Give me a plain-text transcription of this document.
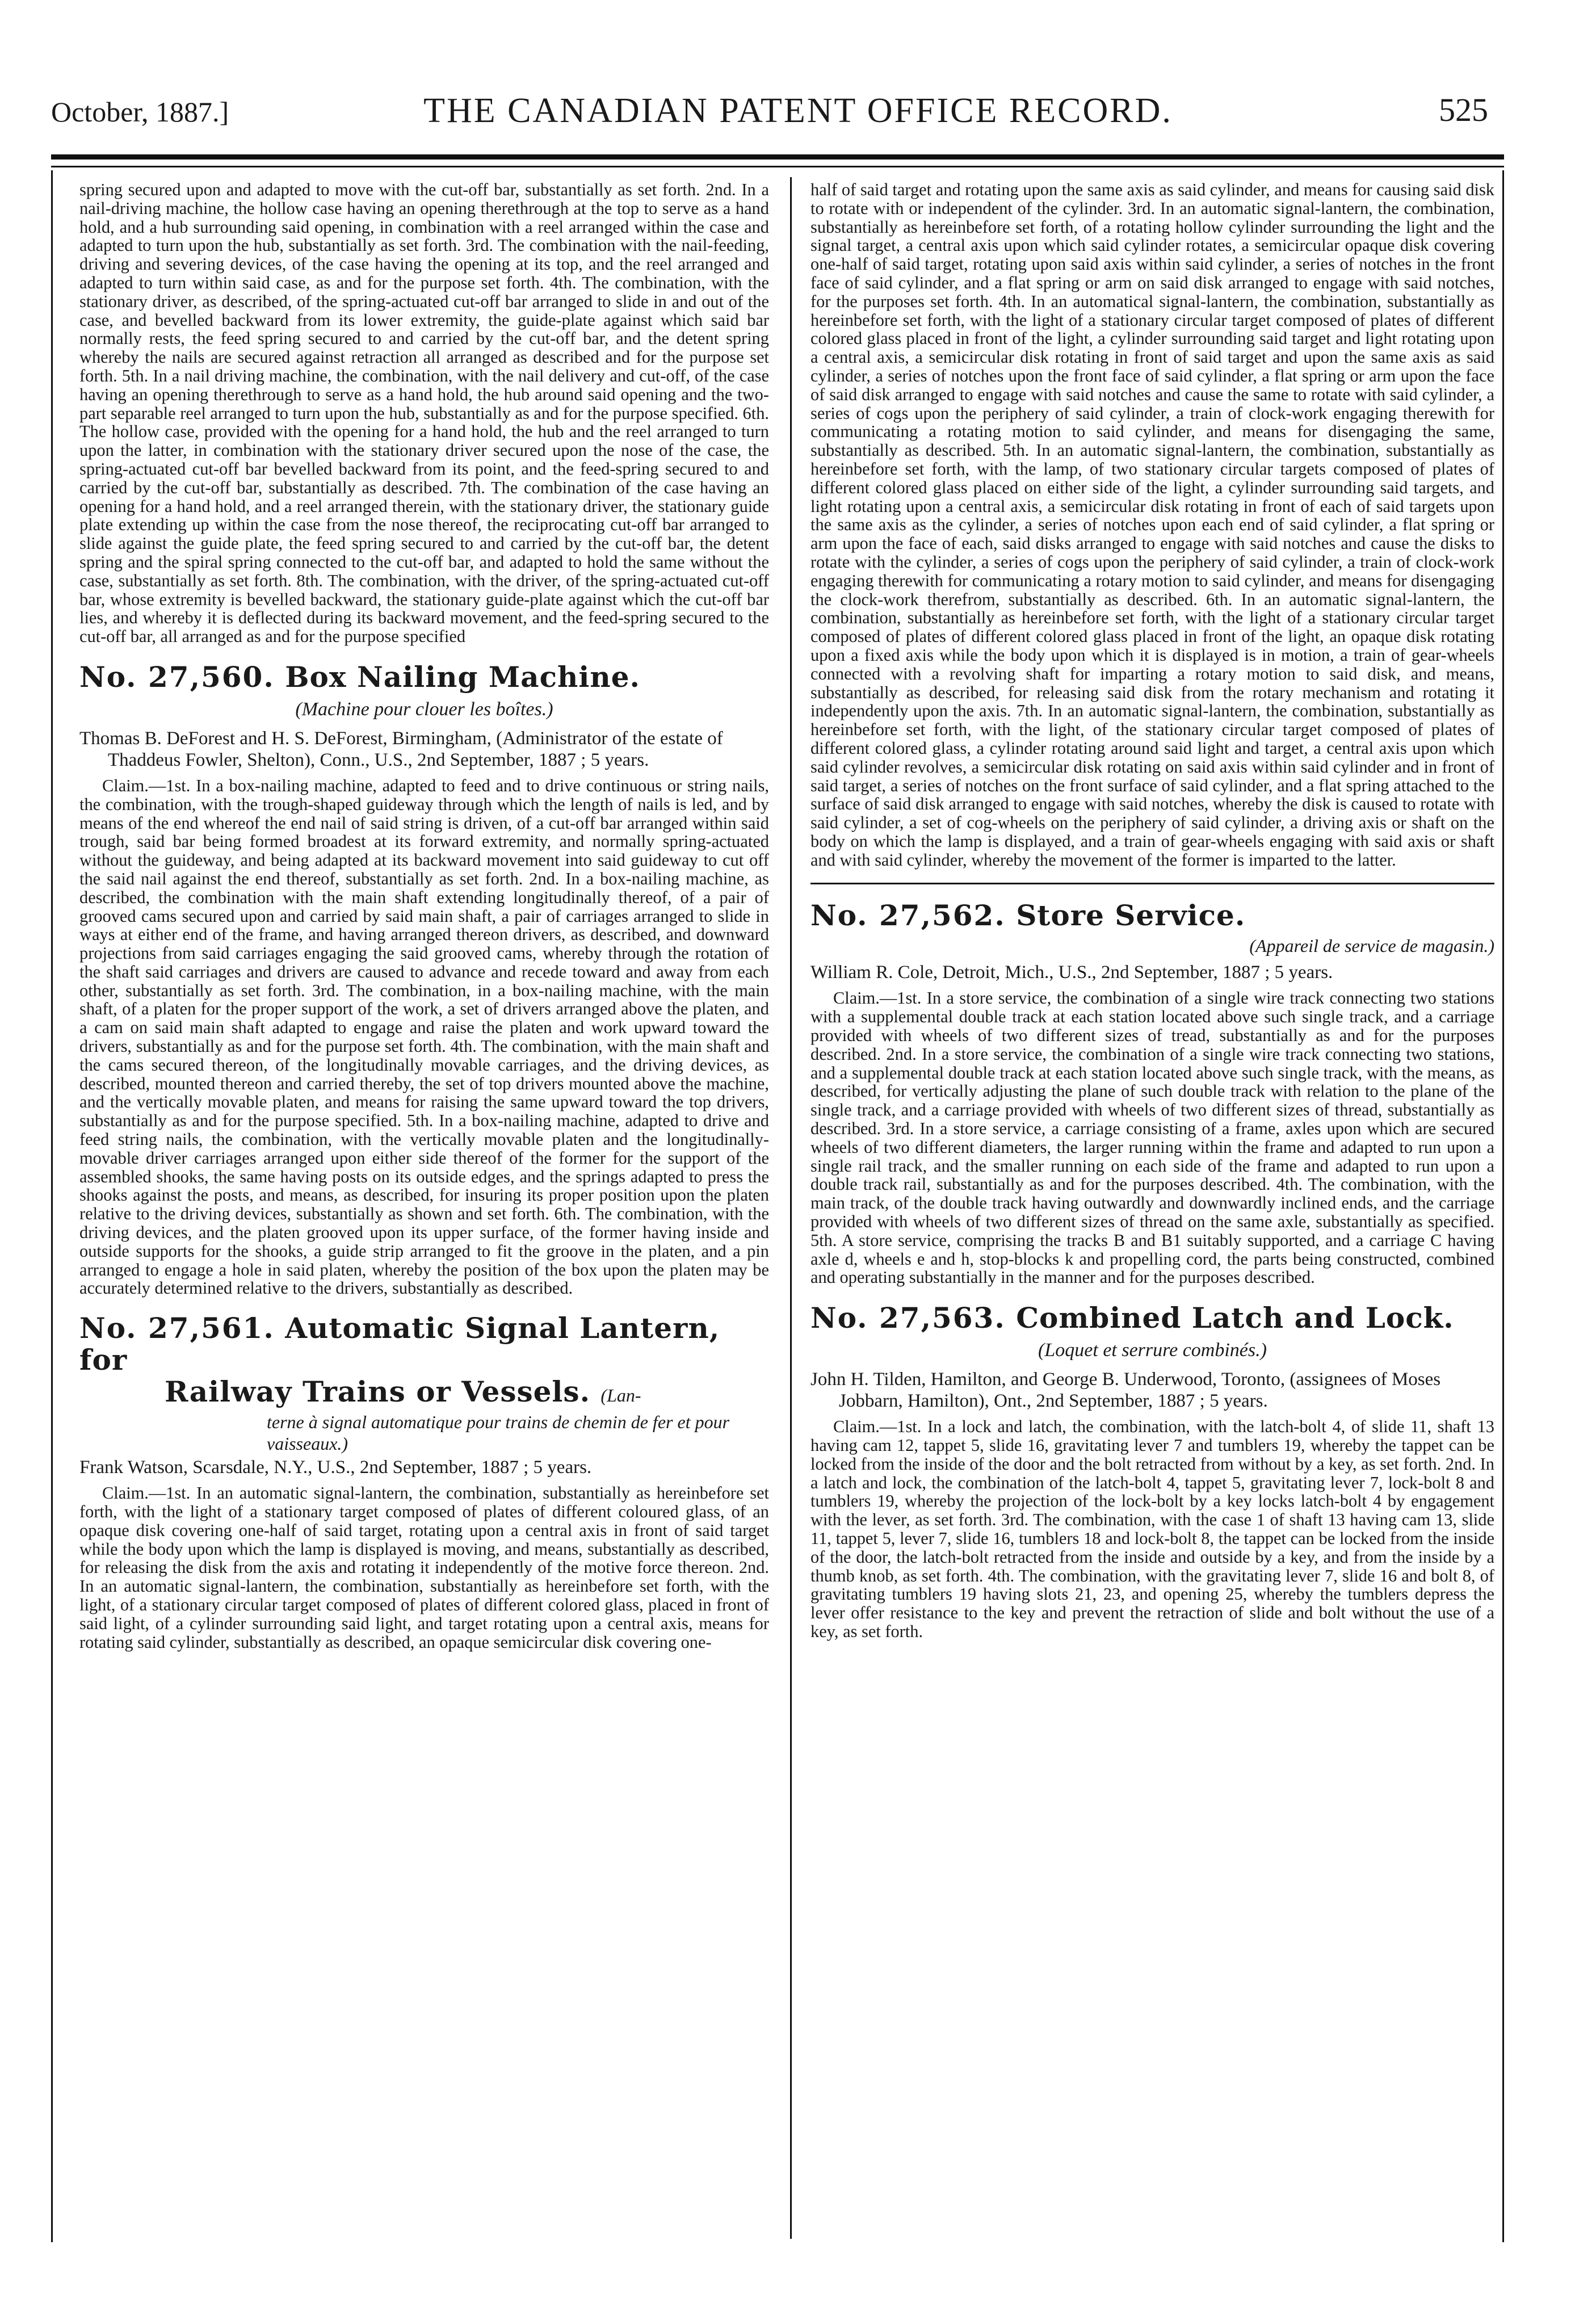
October, 1887.]	THE CANADIAN PATENT OFFICE RECORD.	525

spring secured upon and adapted to move with the cut-off bar, substantially as set forth. 2nd. In a nail-driving machine, the hollow case having an opening therethrough at the top to serve as a hand hold, and a hub surrounding said opening, in combination with a reel arranged within the case and adapted to turn upon the hub, substantially as set forth. 3rd. The combination with the nail-feeding, driving and severing devices, of the case having the opening at its top, and the reel arranged and adapted to turn within said case, as and for the purpose set forth. 4th. The combination, with the stationary driver, as described, of the spring-actuated cut-off bar arranged to slide in and out of the case, and bevelled backward from its lower extremity, the guide-plate against which said bar normally rests, the feed spring secured to and carried by the cut-off bar, and the detent spring whereby the nails are secured against retraction all arranged as described and for the purpose set forth. 5th. In a nail driving machine, the combination, with the nail delivery and cut-off, of the case having an opening therethrough to serve as a hand hold, the hub around said opening and the two-part separable reel arranged to turn upon the hub, substantially as and for the purpose specified. 6th. The hollow case, provided with the opening for a hand hold, the hub and the reel arranged to turn upon the latter, in combination with the stationary driver secured upon the nose of the case, the spring-actuated cut-off bar bevelled backward from its point, and the feed-spring secured to and carried by the cut-off bar, substantially as described. 7th. The combination of the case having an opening for a hand hold, and a reel arranged therein, with the stationary driver, the stationary guide plate extending up within the case from the nose thereof, the reciprocating cut-off bar arranged to slide against the guide plate, the feed spring secured to and carried by the cut-off bar, the detent spring and the spiral spring connected to the cut-off bar, and adapted to hold the same without the case, substantially as set forth. 8th. The combination, with the driver, of the spring-actuated cut-off bar, whose extremity is bevelled backward, the stationary guide-plate against which the cut-off bar lies, and whereby it is deflected during its backward movement, and the feed-spring secured to the cut-off bar, all arranged as and for the purpose specified

No. 27,560. Box Nailing Machine.

(Machine pour clouer les boîtes.)

Thomas B. DeForest and H. S. DeForest, Birmingham, (Administrator of the estate of Thaddeus Fowler, Shelton), Conn., U.S., 2nd September, 1887 ; 5 years.

Claim.—1st. In a box-nailing machine, adapted to feed and to drive continuous or string nails, the combination, with the trough-shaped guideway through which the length of nails is led, and by means of the end whereof the end nail of said string is driven, of a cut-off bar arranged within said trough, said bar being formed broadest at its forward extremity, and normally spring-actuated without the guideway, and being adapted at its backward movement into said guideway to cut off the said nail against the end thereof, substantially as set forth. 2nd. In a box-nailing machine, as described, the combination with the main shaft extending longitudinally thereof, of a pair of grooved cams secured upon and carried by said main shaft, a pair of carriages arranged to slide in ways at either end of the frame, and having arranged thereon drivers, as described, and downward projections from said carriages engaging the said grooved cams, whereby through the rotation of the shaft said carriages and drivers are caused to advance and recede toward and away from each other, substantially as set forth. 3rd. The combination, in a box-nailing machine, with the main shaft, of a platen for the proper support of the work, a set of drivers arranged above the platen, and a cam on said main shaft adapted to engage and raise the platen and work upward toward the drivers, substantially as and for the purpose set forth. 4th. The combination, with the main shaft and the cams secured thereon, of the longitudinally movable carriages, and the driving devices, as described, mounted thereon and carried thereby, the set of top drivers mounted above the machine, and the vertically movable platen, and means for raising the same upward toward the top drivers, substantially as and for the purpose specified. 5th. In a box-nailing machine, adapted to drive and feed string nails, the combination, with the vertically movable platen and the longitudinally-movable driver carriages arranged upon either side thereof of the former for the support of the assembled shooks, the same having posts on its outside edges, and the springs adapted to press the shooks against the posts, and means, as described, for insuring its proper position upon the platen relative to the driving devices, substantially as shown and set forth. 6th. The combination, with the driving devices, and the platen grooved upon its upper surface, of the former having inside and outside supports for the shooks, a guide strip arranged to fit the groove in the platen, and a pin arranged to engage a hole in said platen, whereby the position of the box upon the platen may be accurately determined relative to the drivers, substantially as described.

No. 27,561. Automatic Signal Lantern, for
Railway Trains or Vessels. (Lan-
terne à signal automatique pour trains de chemin de fer et pour vaisseaux.)

Frank Watson, Scarsdale, N.Y., U.S., 2nd September, 1887 ; 5 years.

Claim.—1st. In an automatic signal-lantern, the combination, substantially as hereinbefore set forth, with the light of a stationary target composed of plates of different coloured glass, of an opaque disk covering one-half of said target, rotating upon a central axis in front of said target while the body upon which the lamp is displayed is moving, and means, substantially as described, for releasing the disk from the axis and rotating it independently of the motive force thereon. 2nd. In an automatic signal-lantern, the combination, substantially as hereinbefore set forth, with the light, of a stationary circular target composed of plates of different colored glass, placed in front of said light, of a cylinder surrounding said light, and target rotating upon a central axis, means for rotating said cylinder, substantially as described, an opaque semicircular disk covering one-

half of said target and rotating upon the same axis as said cylinder, and means for causing said disk to rotate with or independent of the cylinder. 3rd. In an automatic signal-lantern, the combination, substantially as hereinbefore set forth, of a rotating hollow cylinder surrounding the light and the signal target, a central axis upon which said cylinder rotates, a semicircular opaque disk covering one-half of said target, rotating upon said axis within said cylinder, a series of notches in the front face of said cylinder, and a flat spring or arm on said disk arranged to engage with said notches, for the purposes set forth. 4th. In an automatical signal-lantern, the combination, substantially as hereinbefore set forth, with the light of a stationary circular target composed of plates of different colored glass placed in front of the light, a cylinder surrounding said target and light rotating upon a central axis, a semicircular disk rotating in front of said target and upon the same axis as said cylinder, a series of notches upon the front face of said cylinder, a flat spring or arm upon the face of said disk arranged to engage with said notches and cause the same to rotate with said cylinder, a series of cogs upon the periphery of said cylinder, a train of clock-work engaging therewith for communicating a rotating motion to said cylinder, and means for disengaging the same, substantially as described. 5th. In an automatic signal-lantern, the combination, substantially as hereinbefore set forth, with the lamp, of two stationary circular targets composed of plates of different colored glass placed on either side of the light, a cylinder surrounding said targets, and light rotating upon a central axis, a semicircular disk rotating in front of each of said targets upon the same axis as the cylinder, a series of notches upon each end of said cylinder, a flat spring or arm upon the face of each, said disks arranged to engage with said notches and cause the disks to rotate with the cylinder, a series of cogs upon the periphery of said cylinder, a train of clock-work engaging therewith for communicating a rotary motion to said cylinder, and means for disengaging the clock-work therefrom, substantially as described. 6th. In an automatic signal-lantern, the combination, substantially as hereinbefore set forth, with the light of a stationary circular target composed of plates of different colored glass placed in front of the light, an opaque disk rotating upon a fixed axis while the body upon which it is displayed is in motion, a train of gear-wheels connected with a revolving shaft for imparting a rotary motion to said disk, and means, substantially as described, for releasing said disk from the rotary mechanism and rotating it independently upon the axis. 7th. In an automatic signal-lantern, the combination, substantially as hereinbefore set forth, with the light, of the stationary circular target composed of plates of different colored glass, a cylinder rotating around said light and target, a central axis upon which said cylinder revolves, a semicircular disk rotating on said axis within said cylinder and in front of said target, a series of notches on the front surface of said cylinder, and a flat spring attached to the surface of said disk arranged to engage with said notches, whereby the disk is caused to rotate with said cylinder, a set of cog-wheels on the periphery of said cylinder, a driving axis or shaft on the body on which the lamp is displayed, and a train of gear-wheels engaging with said axis or shaft and with said cylinder, whereby the movement of the former is imparted to the latter.

No. 27,562. Store Service.

(Appareil de service de magasin.)

William R. Cole, Detroit, Mich., U.S., 2nd September, 1887 ; 5 years.

Claim.—1st. In a store service, the combination of a single wire track connecting two stations with a supplemental double track at each station located above such single track, and a carriage provided with wheels of two different sizes of tread, substantially as and for the purposes described. 2nd. In a store service, the combination of a single wire track connecting two stations, and a supplemental double track at each station located above such single track, with the means, as described, for vertically adjusting the plane of such double track with relation to the plane of the single track, and a carriage provided with wheels of two different sizes of thread, substantially as described. 3rd. In a store service, a carriage consisting of a frame, axles upon which are secured wheels of two different diameters, the larger running within the frame and adapted to run upon a single rail track, and the smaller running on each side of the frame and adapted to run upon a double track rail, substantially as and for the purposes described. 4th. The combination, with the main track, of the double track having outwardly and downwardly inclined ends, and the carriage provided with wheels of two different sizes of thread on the same axle, substantially as specified. 5th. A store service, comprising the tracks B and B1 suitably supported, and a carriage C having axle d, wheels e and h, stop-blocks k and propelling cord, the parts being constructed, combined and operating substantially in the manner and for the purposes described.

No. 27,563. Combined Latch and Lock.

(Loquet et serrure combinés.)

John H. Tilden, Hamilton, and George B. Underwood, Toronto, (assignees of Moses Jobbarn, Hamilton), Ont., 2nd September, 1887 ; 5 years.

Claim.—1st. In a lock and latch, the combination, with the latch-bolt 4, of slide 11, shaft 13 having cam 12, tappet 5, slide 16, gravitating lever 7 and tumblers 19, whereby the tappet can be locked from the inside of the door and the bolt retracted from without by a key, as set forth. 2nd. In a latch and lock, the combination of the latch-bolt 4, tappet 5, gravitating lever 7, lock-bolt 8 and tumblers 19, whereby the projection of the lock-bolt by a key locks latch-bolt 4 by engagement with the lever, as set forth. 3rd. The combination, with the case 1 of shaft 13 having cam 13, slide 11, tappet 5, lever 7, slide 16, tumblers 18 and lock-bolt 8, the tappet can be locked from the inside of the door, the latch-bolt retracted from the inside and outside by a key, and from the inside by a thumb knob, as set forth. 4th. The combination, with the gravitating lever 7, slide 16 and bolt 8, of gravitating tumblers 19 having slots 21, 23, and opening 25, whereby the tumblers depress the lever offer resistance to the key and prevent the retraction of slide and bolt without the use of a key, as set forth.
